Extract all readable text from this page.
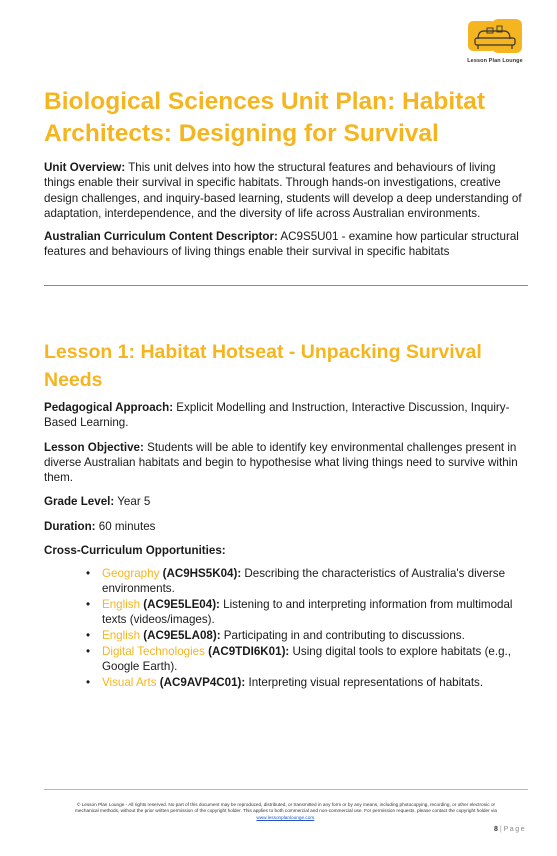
Lesson Plan Lounge
Biological Sciences Unit Plan: Habitat Architects: Designing for Survival

Unit Overview: This unit delves into how the structural features and behaviours of living things enable their survival in specific habitats. Through hands-on investigations, creative design challenges, and inquiry-based learning, students will develop a deep understanding of adaptation, interdependence, and the diversity of life across Australian environments.

Australian Curriculum Content Descriptor: AC9S5U01 - examine how particular structural features and behaviours of living things enable their survival in specific habitats

Lesson 1: Habitat Hotseat - Unpacking Survival Needs

Pedagogical Approach: Explicit Modelling and Instruction, Interactive Discussion, Inquiry-Based Learning.

Lesson Objective: Students will be able to identify key environmental challenges present in diverse Australian habitats and begin to hypothesise what living things need to survive within them.

Grade Level: Year 5

Duration: 60 minutes

Cross-Curriculum Opportunities:

• Geography (AC9HS5K04): Describing the characteristics of Australia's diverse environments.
• English (AC9E5LE04): Listening to and interpreting information from multimodal texts (videos/images).
• English (AC9E5LA08): Participating in and contributing to discussions.
• Digital Technologies (AC9TDI6K01): Using digital tools to explore habitats (e.g., Google Earth).
• Visual Arts (AC9AVP4C01): Interpreting visual representations of habitats.
© Lesson Plan Lounge - All rights reserved. No part of this document may be reproduced, distributed, or transmitted in any form or by any means, including photocopying, recording, or other electronic or
mechanical methods, without the prior written permission of the copyright holder. This applies to both commercial and non-commercial use. For permission requests, please contact the copyright holder via
www.lessonplanlounge.com.
8 | Page
